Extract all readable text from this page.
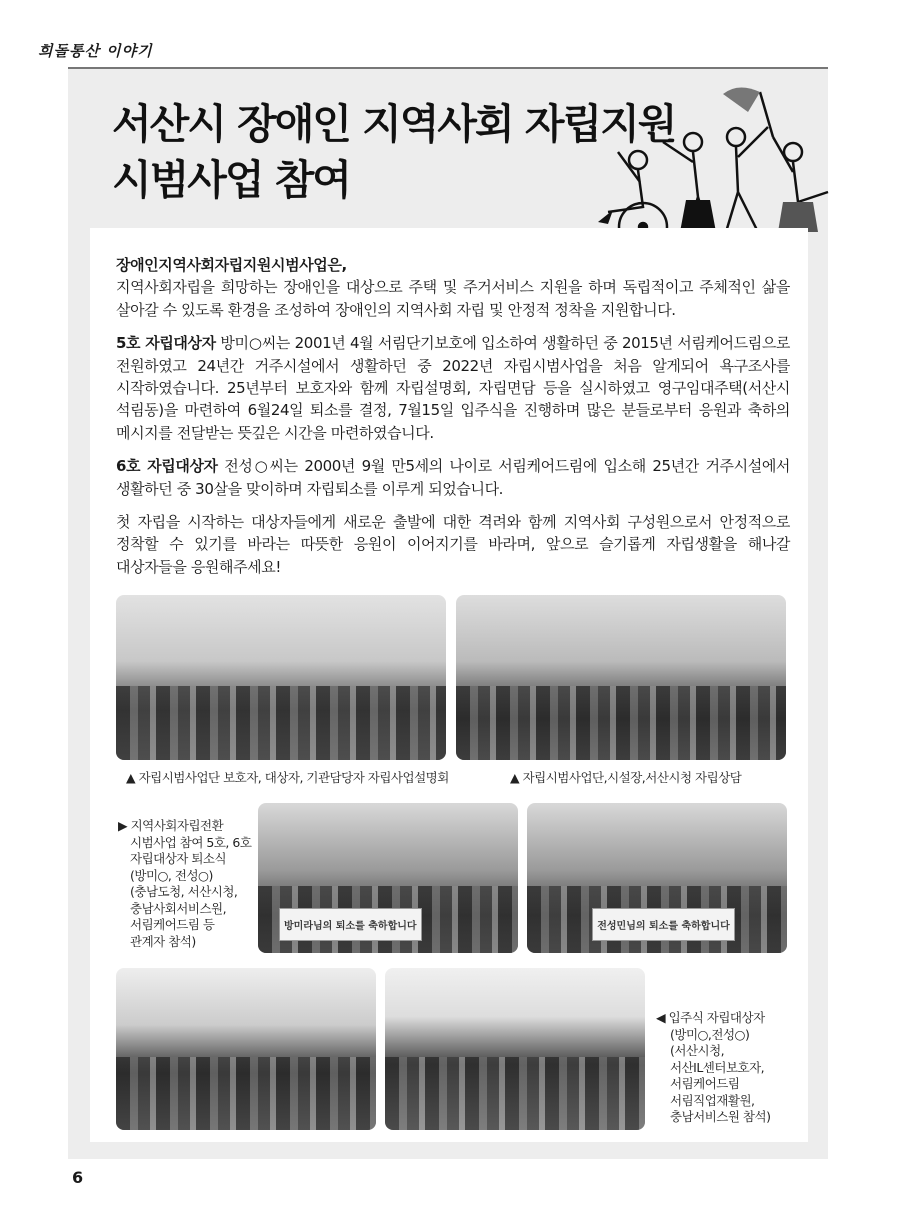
희돌통산 이야기
서산시 장애인 지역사회 자립지원
시범사업 참여

장애인지역사회자립지원시범사업은,
지역사회자립을 희망하는 장애인을 대상으로 주택 및 주거서비스 지원을 하며 독립적이고 주체적인 삶을 살아갈 수 있도록 환경을 조성하여 장애인의 지역사회 자립 및 안정적 정착을 지원합니다.

5호 자립대상자 방미○씨는 2001년 4월 서림단기보호에 입소하여 생활하던 중 2015년 서림케어드림으로 전원하였고 24년간 거주시설에서 생활하던 중 2022년 자립시범사업을 처음 알게되어 욕구조사를 시작하였습니다. 25년부터 보호자와 함께 자립설명회, 자립면담 등을 실시하였고 영구임대주택(서산시 석림동)을 마련하여 6월24일 퇴소를 결정, 7월15일 입주식을 진행하며 많은 분들로부터 응원과 축하의 메시지를 전달받는 뜻깊은 시간을 마련하였습니다.

6호 자립대상자 전성○씨는 2000년 9월 만5세의 나이로 서림케어드림에 입소해 25년간 거주시설에서 생활하던 중 30살을 맞이하며 자립퇴소를 이루게 되었습니다.

첫 자립을 시작하는 대상자들에게 새로운 출발에 대한 격려와 함께 지역사회 구성원으로서 안정적으로 정착할 수 있기를 바라는 따뜻한 응원이 이어지기를 바라며, 앞으로 슬기롭게 자립생활을 해나갈 대상자들을 응원해주세요!

▲ 자립시범사업단 보호자, 대상자, 기관담당자 자립사업설명회	▲ 자립시범사업단,시설장,서산시청 자립상담
▶ 지역사회자립전환
시범사업 참여 5호, 6호
자립대상자 퇴소식
(방미○, 전성○)
(충남도청, 서산시청,
충남사회서비스원,
서림케어드림 등
관계자 참석)
방미라님의 퇴소를 축하합니다	전성민님의 퇴소를 축하합니다
◀ 입주식 자립대상자
(방미○,전성○)
(서산시청,
서산IL센터보호자,
서림케어드림
서림직업재활원,
충남서비스원 참석)
6
